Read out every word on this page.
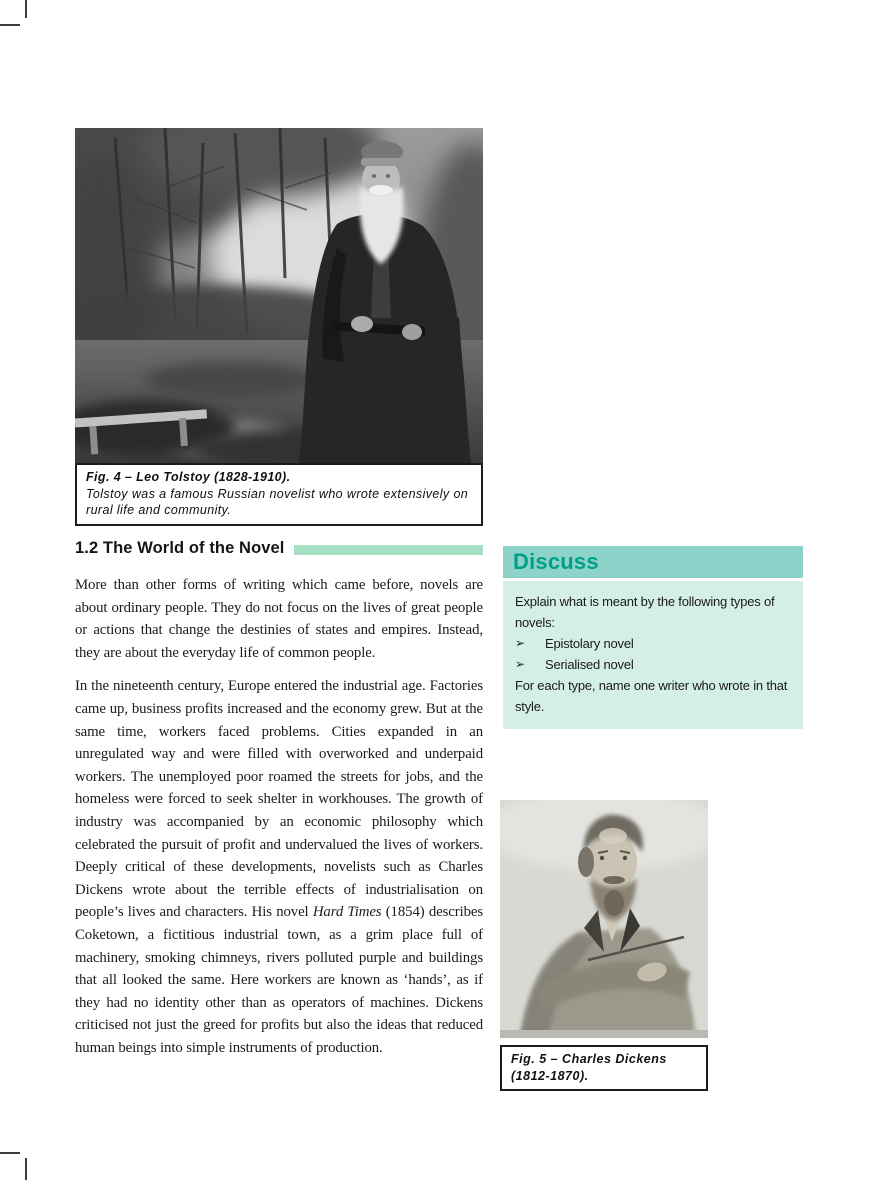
Fig. 4 – Leo Tolstoy (1828-1910).
Tolstoy was a famous Russian novelist who wrote extensively on rural life and community.
1.2 The World of the Novel

More than other forms of writing which came before, novels are about ordinary people. They do not focus on the lives of great people or actions that change the destinies of states and empires. Instead, they are about the everyday life of common people.

In the nineteenth century, Europe entered the industrial age. Factories came up, business profits increased and the economy grew. But at the same time, workers faced problems. Cities expanded in an unregulated way and were filled with overworked and underpaid workers. The unemployed poor roamed the streets for jobs, and the homeless were forced to seek shelter in workhouses. The growth of industry was accompanied by an economic philosophy which celebrated the pursuit of profit and undervalued the lives of workers. Deeply critical of these developments, novelists such as Charles Dickens wrote about the terrible effects of industrialisation on people’s lives and characters. His novel Hard Times (1854) describes Coketown, a fictitious industrial town, as a grim place full of machinery, smoking chimneys, rivers polluted purple and buildings that all looked the same. Here workers are known as ‘hands’, as if they had no identity other than as operators of machines. Dickens criticised not just the greed for profits but also the ideas that reduced human beings into simple instruments of production.

Discuss
Explain what is meant by the following types of novels:
➢	Epistolary novel
➢	Serialised novel
For each type, name one writer who wrote in that style.
Fig. 5 – Charles Dickens
(1812-1870).
